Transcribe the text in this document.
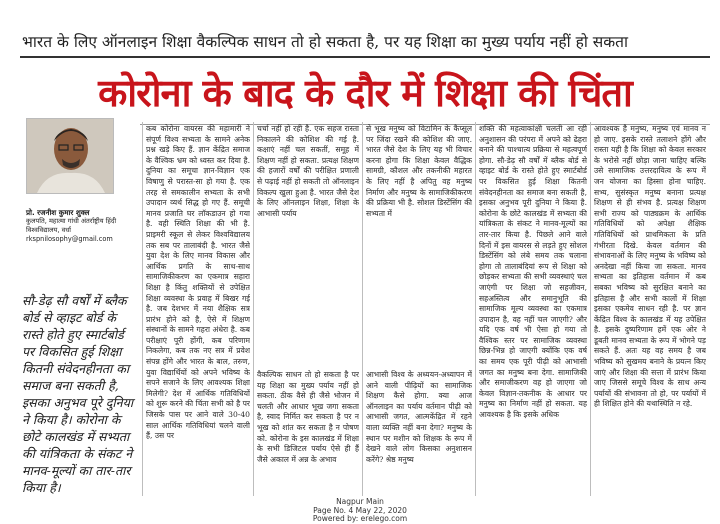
भारत के लिए ऑनलाइन शिक्षा वैकल्पिक साधन तो हो सकता है, पर यह शिक्षा का मुख्य पर्याय नहीं हो सकता
कोरोना के बाद के दौर में शिक्षा की चिंता
प्रो. रजनीश कुमार शुक्ल
कुलपति, महात्मा गांधी अंतर्राष्ट्रीय हिंदी विश्वविद्यालय, वर्धा
rkspnilosophy@gmail.com
सौ-डेढ़ सौ वर्षों में ब्लैक बोर्ड से व्हाइट बोर्ड के रास्ते होते हुए स्मार्टबोर्ड पर विकसित हुई शिक्षा कितनी संवेदनहीनता का समाज बना सकती है, इसका अनुभव पूरे दुनिया ने किया है। कोरोना के छोटे कालखंड में सभ्यता की यांत्रिकता के संकट ने मानव-मूल्यों का तार-तार किया है।
कब कोरोना वायरस की महामारी ने संपूर्ण विश्व सभ्यता के सामने अनेक प्रश्न खड़े किए हैं. ज्ञान केंद्रित समाज के वैश्विक भ्रम को ध्वस्त कर दिया है. दुनिया का समूचा ज्ञान-विज्ञान एक विषाणु से परास्त-सा हो गया है. एक तरह से समकालीन सभ्यता के सभी उपादान व्यर्थ सिद्ध हो गए हैं. समूची मानव प्रजाति घर लॉकडाउन हो गया है. वही स्थिति शिक्षा की भी है. प्राइमरी स्कूल से लेकर विश्वविद्यालय तक सब पर तालाबंदी है. भारत जैसे युवा देश के लिए मानव विकास और आर्थिक प्रगति के साथ-साथ सामाजिकीकरण का एकमात्र सहारा शिक्षा है किंतु शक्तियों से उपेक्षित शिक्षा व्यवस्था के प्रवाह में बिखर गई है. जब देशभर में नया शैक्षिक सत्र प्रारंभ होने को है, ऐसे में शिक्षण संस्थानों के सामने गहरा अंधेरा है. कब परीक्षाएं पूरी होंगी, कब परिणाम निकलेगा, कब तक नए सत्र में प्रवेश संपन्न होंगे और भारत के बाल, तरुण, युवा विद्यार्थियों को अपने भविष्य के सपने सजाने के लिए आवश्यक शिक्षा मिलेगी? देश में आर्थिक गतिविधियों को शुरू करने की चिंता सभी को है पर जिसके पास पर आने वाले 30-40 साल आर्थिक गतिविधियां चलने वाली हैं, उस पर
चर्चा नहीं हो रही है. एक सहज रास्ता निकालने की कोशिश की गई है. कक्षाएं नहीं चल सकतीं, समूह में शिक्षण नहीं हो सकता. प्रत्यक्ष शिक्षण की हजारों वर्षों की परीक्षित प्रणाली से पढ़ाई नहीं हो सकती तो ऑनलाइन विकल्प खुला हुआ है. भारत जैसे देश के लिए ऑनलाइन शिक्षा, शिक्षा के आभासी पर्याय
से भूख मनुष्य को विटामिन के कैप्सूल पर जिंदा रखने की कोशिश की जाए. भारत जैसे देश के लिए यह भी विचार करना होगा कि शिक्षा केवल वैद्धिक सामग्री, कौशल और तकनीकी महारत के लिए नहीं है अपितु वह मनुष्य निर्माण और मनुष्य के सामाजिकीकरण की प्रक्रिया भी है. सोशल डिस्टेंसिंग की सभ्यता में
शक्ति की महत्वाकांक्षी चलती आ रही अनुशासन की परंपरा में अपने को ढेहरा बनाने की पाश्चात्य प्रक्रिया से महत्वपूर्ण होगा. सौ-डेढ़ सौ वर्षों में ब्लैक बोर्ड से व्हाइट बोर्ड के रास्ते होते हुए स्मार्टबोर्ड पर विकसित हुई शिक्षा कितनी संवेदनहीनता का समाज बना सकती है, इसका अनुभव पूरी दुनिया ने किया है. कोरोना के छोटे कालखंड में सभ्यता की यांत्रिकता के संकट ने मानव-मूल्यों का तार-तार किया है. पिछले आने वाले दिनों में इस वायरस से लड़ते हुए सोशल डिस्टेंसिंग को लंबे समय तक चलाना होगा तो तालाबंदियां रूप से शिक्षा को छोड़कर सभ्यता की सभी व्यवस्थाएं चल जाएंगी पर शिक्षा जो सहजीवन, सहअस्तित्व और समानुभूति की सामाजिक मूल्य व्यवस्था का एकमात्र उपादान है, वह नहीं चल जाएगी? और यदि एक वर्ष भी ऐसा हो गया तो वैश्विक स्तर पर सामाजिक व्यवस्था छिन्न-भिन्न हो जाएगी क्योंकि एक वर्ष का समय एक पूरी पीढ़ी को आभासी जगत का मनुष्य बना देगा. सामाजिकी और समाजीकरण वह हो जाएगा जो केवल विज्ञान-तकनीक के आधार पर मनुष्य का निर्माण नहीं हो सकता. यह आवश्यक है कि इसके अधिक
आवश्यक है मनुष्य, मनुष्य एवं मानव न हो जाए. इसके रास्ते तलाशने होंगे और रास्ता यही है कि शिक्षा को केवल सरकार के भरोसे नहीं छोड़ा जाना चाहिए बल्कि उसे सामाजिक उत्तरदायित्व के रूप में जन योजना का हिस्सा होना चाहिए. सभ्य, सुसंस्कृत मनुष्य बनाना प्रत्यक्ष शिक्षण से ही संभव है. प्रत्यक्ष शिक्षण सभी राज्य को पाठ्यक्रम के आर्थिक गतिविधियों को अपेक्षा शैक्षिक गतिविधियों को प्राथमिकता के प्रति गंभीरता दिखे. केवल वर्तमान की संभावनाओं के लिए मनुष्य के भविष्य को अनदेखा नहीं किया जा सकता. मानव सभ्यता का इतिहास वर्तमान में कब सबका भविष्य को सुरक्षित बनाने का इतिहास है और सभी कालों में शिक्षा इसका एकमेव साधन रही है. पर ज्ञान केंद्रित विश्व के कालखंड में यह उपेक्षित है. इसके दुष्परिणाम हमें एक ओर ने डूबती मानव सभ्यता के रूप में भोगने पड़ सकते हैं. अतः यह वह समय है जब भविष्य को सुखमय बनाने के प्रयत्न किए जाएं और शिक्षा की सत्ता में प्रारंभ किया जाए जिससे समूचे विश्व के साथ अन्य पर्यायों की संभावना तो हो, पर पर्यायों में ही शिक्षित होने की यथास्थिति न रहे.
वैकल्पिक साधन तो हो सकता है पर यह शिक्षा का मुख्य पर्याय नहीं हो सकता. ठीक वैसे ही जैसे भोजन में चलती और आधार भूख जगा सकता है, स्वाद निर्मित कर सकता है पर न भूख को शांत कर सकता है न पोषण को. कोरोना के इस कालखंड में शिक्षा के सभी डिजिटल पर्याय ऐसे ही हैं जैसे अकाल में अन्न के अभाव
आभासी विश्व के अध्ययन-अध्यापन में आने वाली पीढ़ियों का सामाजिक शिक्षण कैसे होगा. क्या आज ऑनलाइन का पर्याय वर्तमान पीढ़ी को आभासी जगत, आत्मकेंद्रित में रहने वाला व्यक्ति नहीं बना देगा? मनुष्य के स्थान पर मशीन को शिक्षक के रूप में देखने वाले लोग किसका अनुशासन करेंगे? श्रेष्ठ मनुष्य
Nagpur Main
Page No. 4 May 22, 2020
Powered by: erelego.com
